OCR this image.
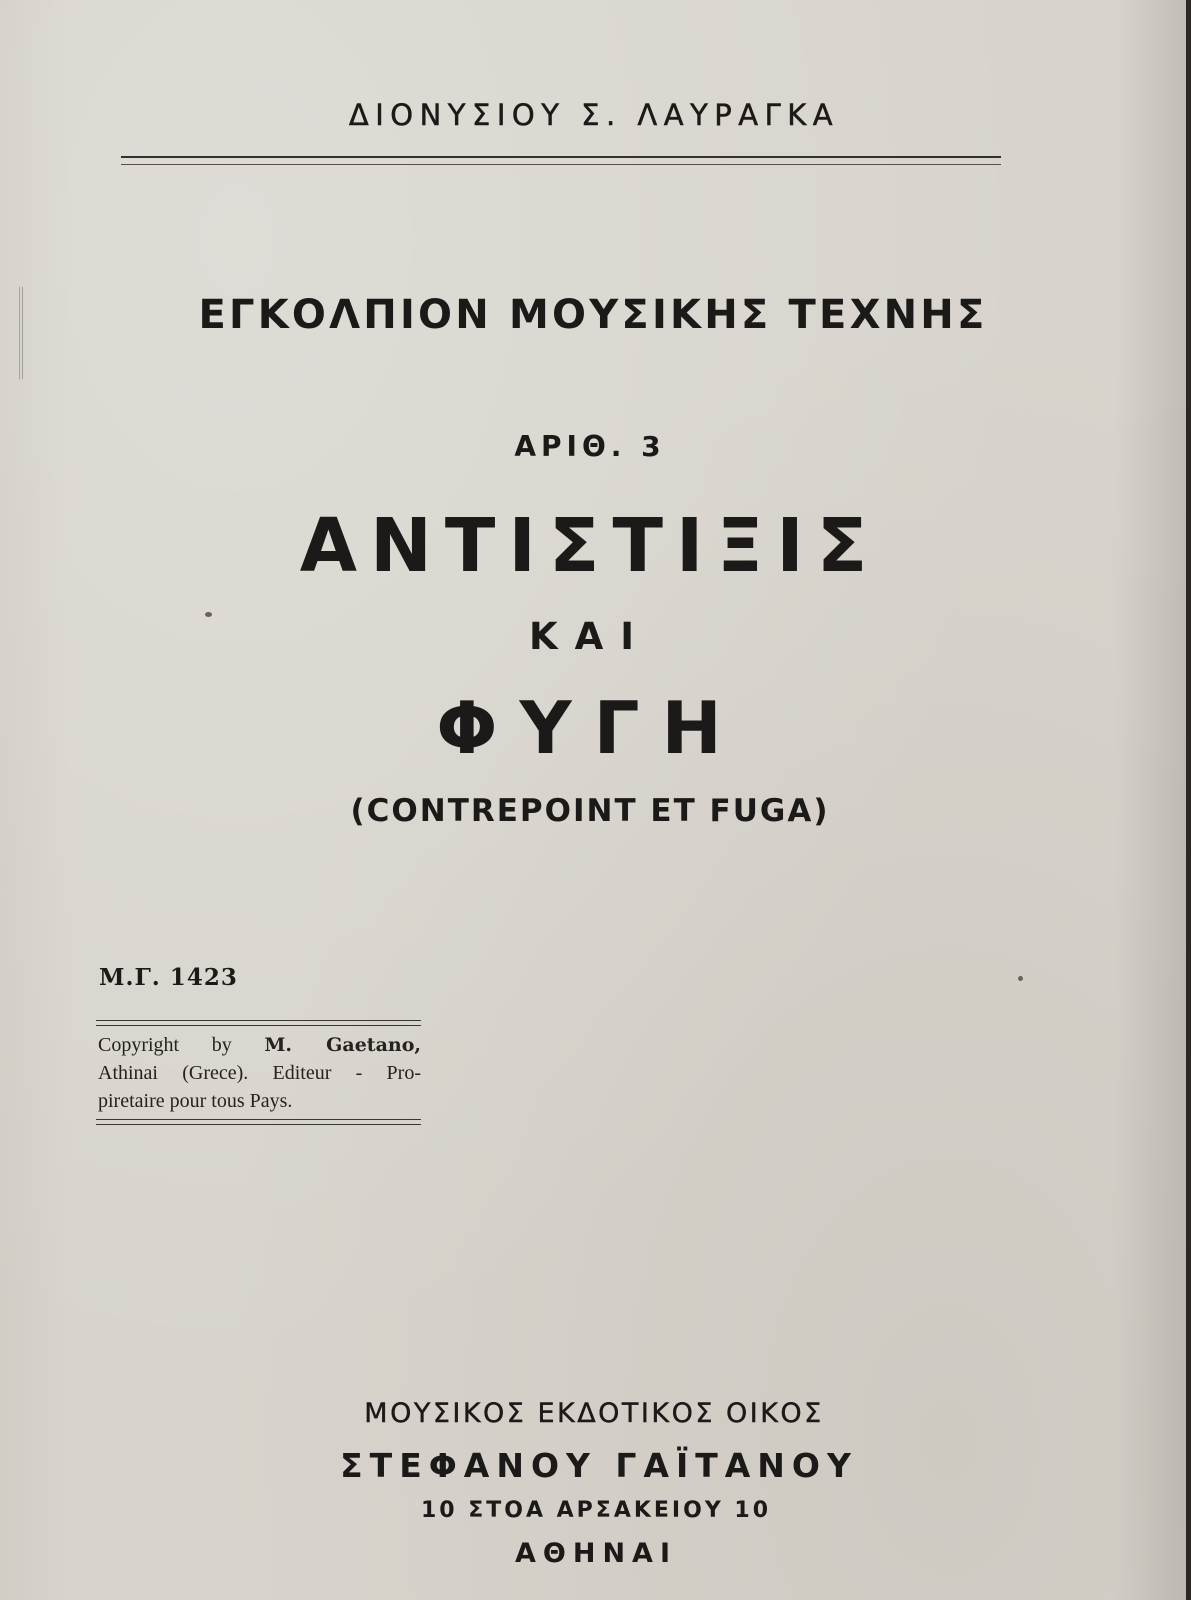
ΔΙΟΝΥΣΙΟΥ Σ. ΛΑΥΡΑΓΚΑ
ΕΓΚΟΛΠΙΟΝ ΜΟΥΣΙΚΗΣ ΤΕΧΝΗΣ
ΑΡΙΘ. 3
ΑΝΤΙΣΤΙΞΙΣ
ΚΑΙ
ΦΥΓΗ
(CONTREPOINT ET FUGA)
M.Γ. 1423
Copyright by M. Gaetano,
Athinai (Grece). Editeur - Pro-
piretaire pour tous Pays.
ΜΟΥΣΙΚΟΣ ΕΚΔΟΤΙΚΟΣ ΟΙΚΟΣ
ΣΤΕΦΑΝΟΥ ΓΑΪΤΑΝΟΥ
10 ΣΤΟΑ ΑΡΣΑΚΕΙΟΥ 10
ΑΘΗΝΑΙ
